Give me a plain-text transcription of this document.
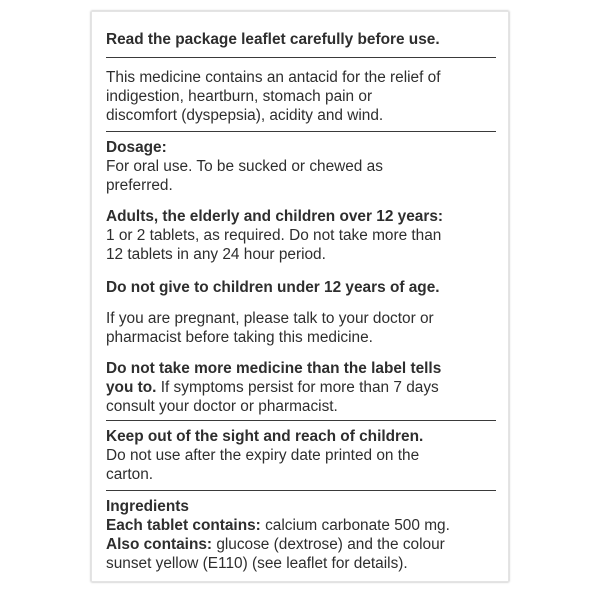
Read the package leaflet carefully before use.

This medicine contains an antacid for the relief of

indigestion, heartburn, stomach pain or

discomfort (dyspepsia), acidity and wind.

Dosage:

For oral use. To be sucked or chewed as

preferred.

Adults, the elderly and children over 12 years:

1 or 2 tablets, as required. Do not take more than

12 tablets in any 24 hour period.

Do not give to children under 12 years of age.

If you are pregnant, please talk to your doctor or

pharmacist before taking this medicine.

Do not take more medicine than the label tells

you to. If symptoms persist for more than 7 days

consult your doctor or pharmacist.

Keep out of the sight and reach of children.

Do not use after the expiry date printed on the

carton.

Ingredients

Each tablet contains: calcium carbonate 500 mg.

Also contains: glucose (dextrose) and the colour

sunset yellow (E110) (see leaflet for details).
